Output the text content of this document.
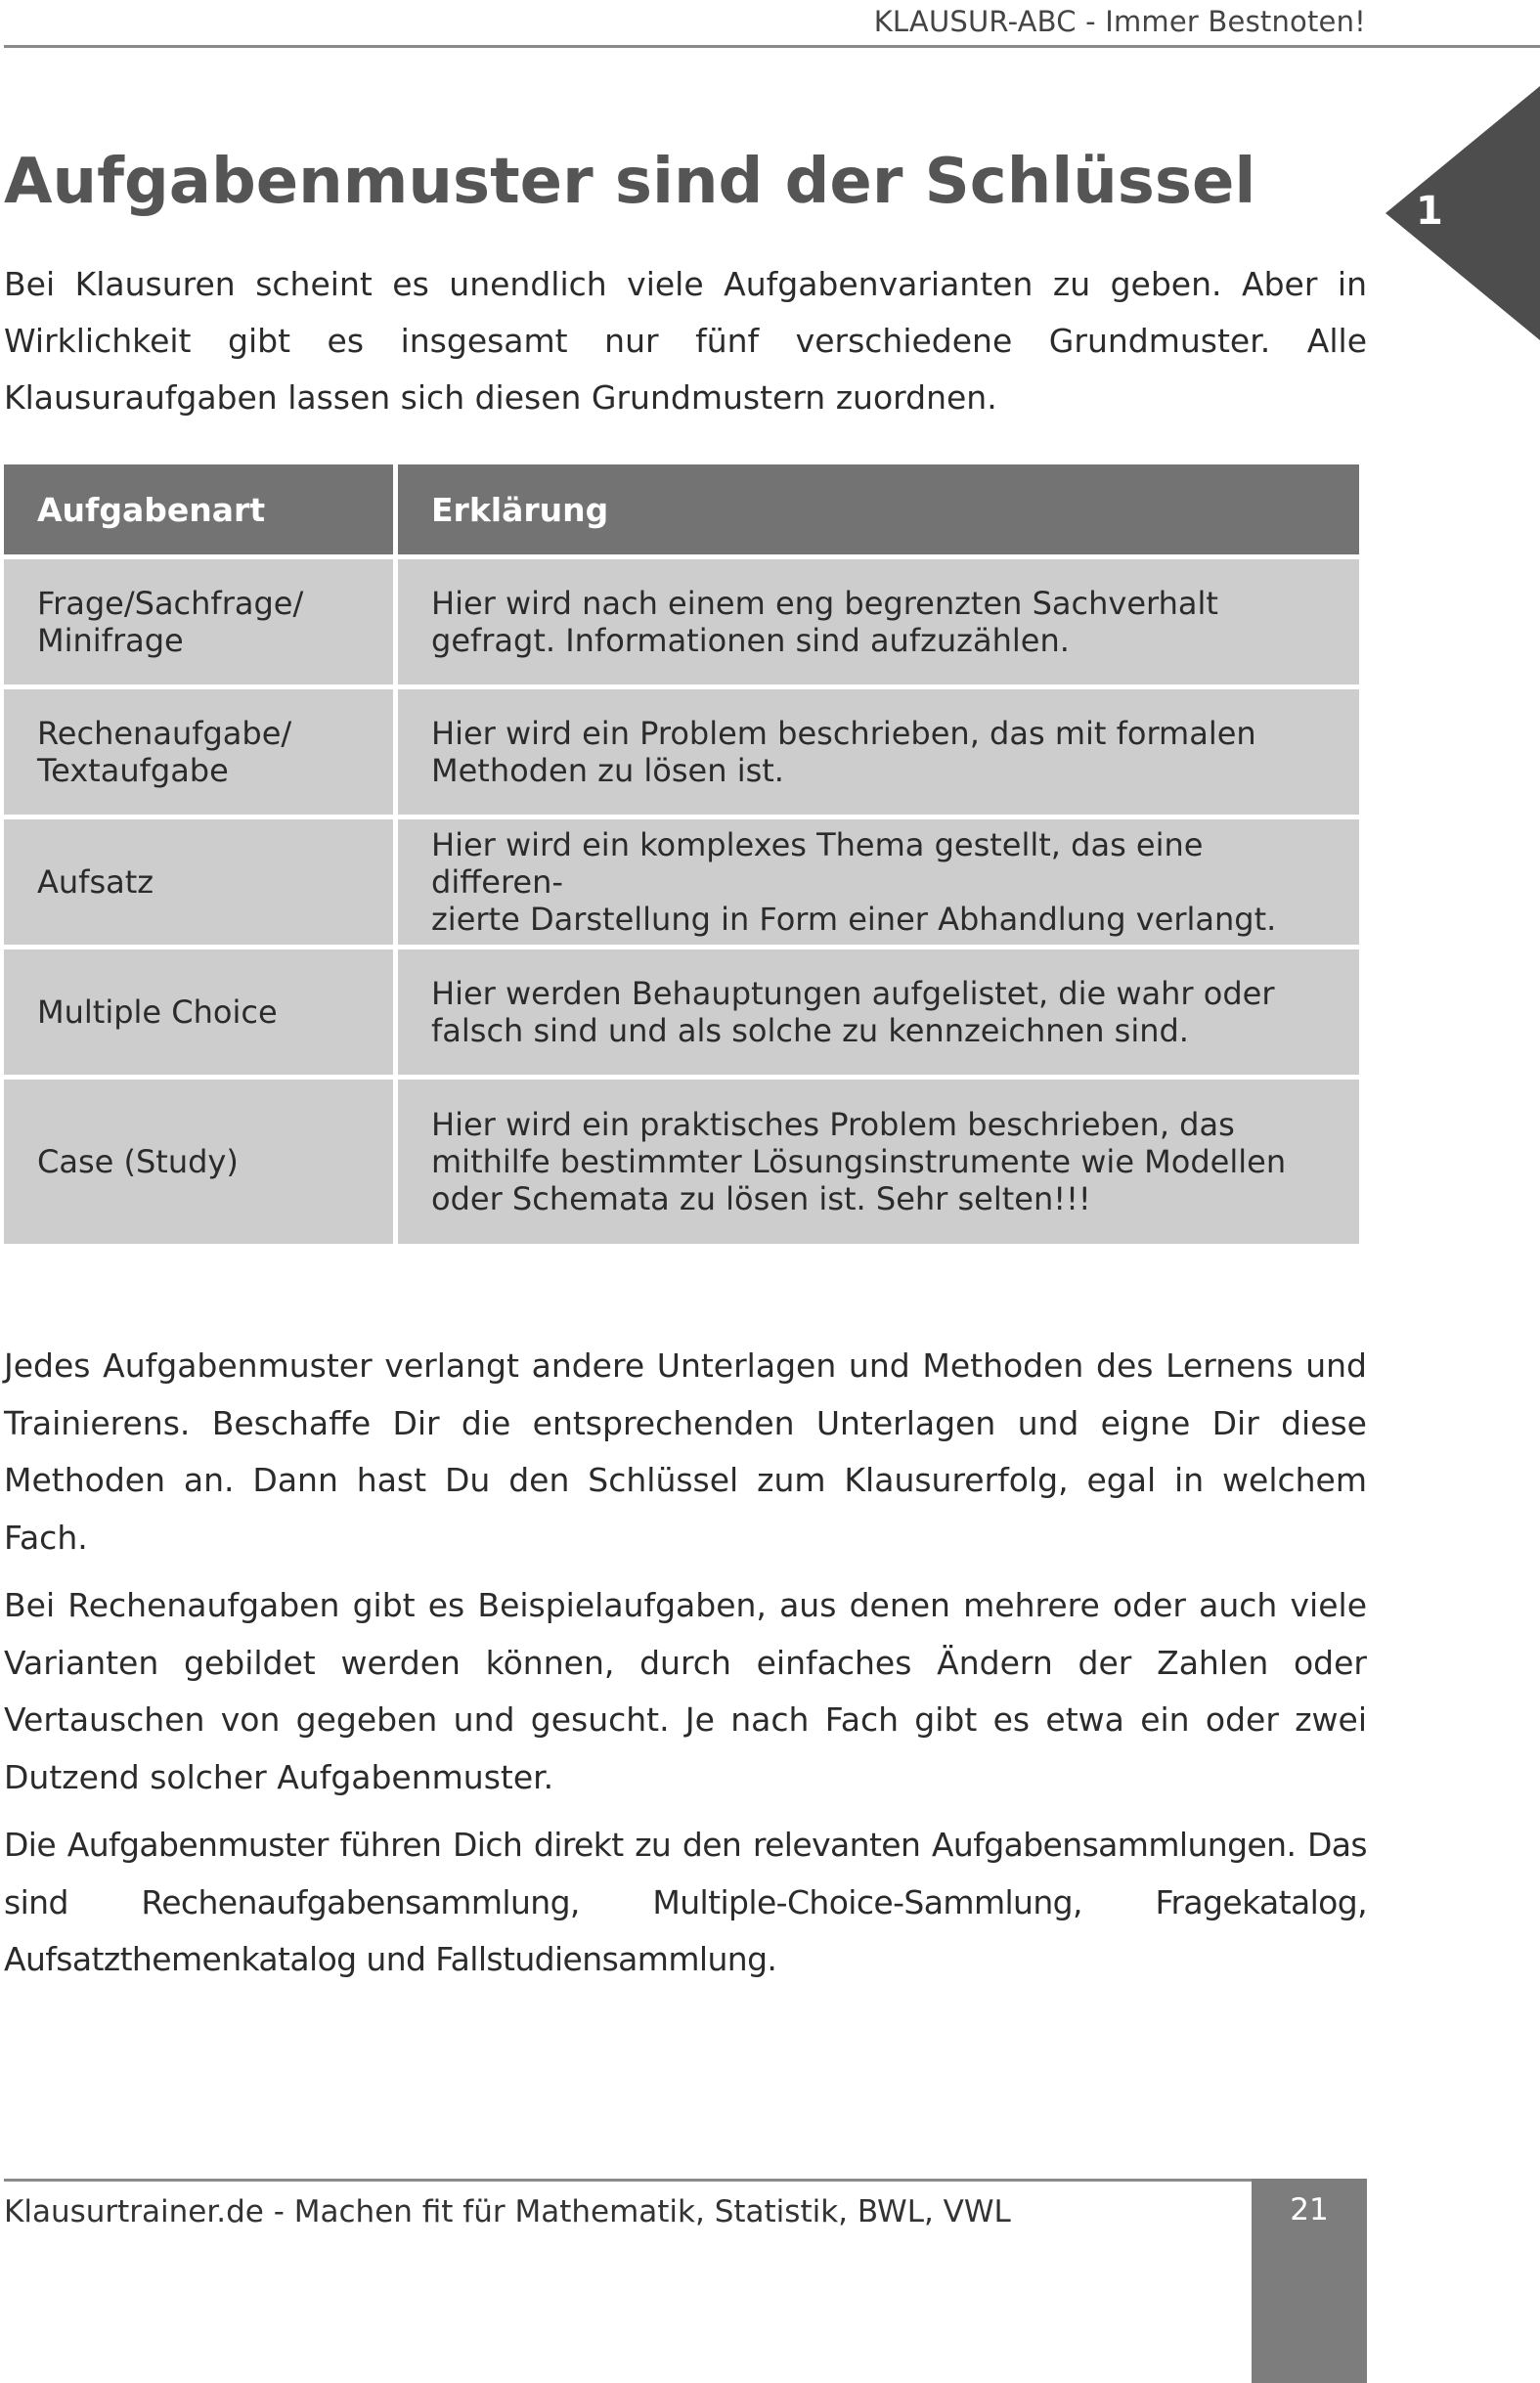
KLAUSUR-ABC - Immer Bestnoten!
1
Aufgabenmuster sind der Schlüssel

Bei Klausuren scheint es unendlich viele Aufgabenvarianten zu geben. Aber in Wirklichkeit gibt es insgesamt nur fünf verschiedene Grundmuster. Alle Klausuraufgaben lassen sich diesen Grundmustern zuordnen.

Aufgabenart	Erklärung
Frage/Sachfrage/
Minifrage	Hier wird nach einem eng begrenzten Sachverhalt gefragt. Informationen sind aufzuzählen.
Rechenaufgabe/
Textaufgabe	Hier wird ein Problem beschrieben, das mit formalen Methoden zu lösen ist.
Aufsatz	Hier wird ein komplexes Thema gestellt, das eine differen-
zierte Darstellung in Form einer Abhandlung verlangt.
Multiple Choice	Hier werden Behauptungen aufgelistet, die wahr oder falsch sind und als solche zu kennzeichnen sind.
Case (Study)	Hier wird ein praktisches Problem beschrieben, das mithilfe bestimmter Lösungsinstrumente wie Modellen oder Schemata zu lösen ist. Sehr selten!!!

Jedes Aufgabenmuster verlangt andere Unterlagen und Methoden des Lernens und Trainierens. Beschaffe Dir die entsprechenden Unterlagen und eigne Dir diese Methoden an. Dann hast Du den Schlüssel zum Klausurerfolg, egal in welchem Fach.

Bei Rechenaufgaben gibt es Beispielaufgaben, aus denen mehrere oder auch viele Varianten gebildet werden können, durch einfaches Ändern der Zahlen oder Vertauschen von gegeben und gesucht. Je nach Fach gibt es etwa ein oder zwei Dutzend solcher Aufgabenmuster.

Die Aufgabenmuster führen Dich direkt zu den relevanten Aufgabensammlungen. Das sind Rechenaufgabensammlung, Multiple-Choice-Sammlung, Fragekatalog, Aufsatzthemenkatalog und Fallstudiensammlung.

Klausurtrainer.de - Machen fit für Mathematik, Statistik, BWL, VWL	21
